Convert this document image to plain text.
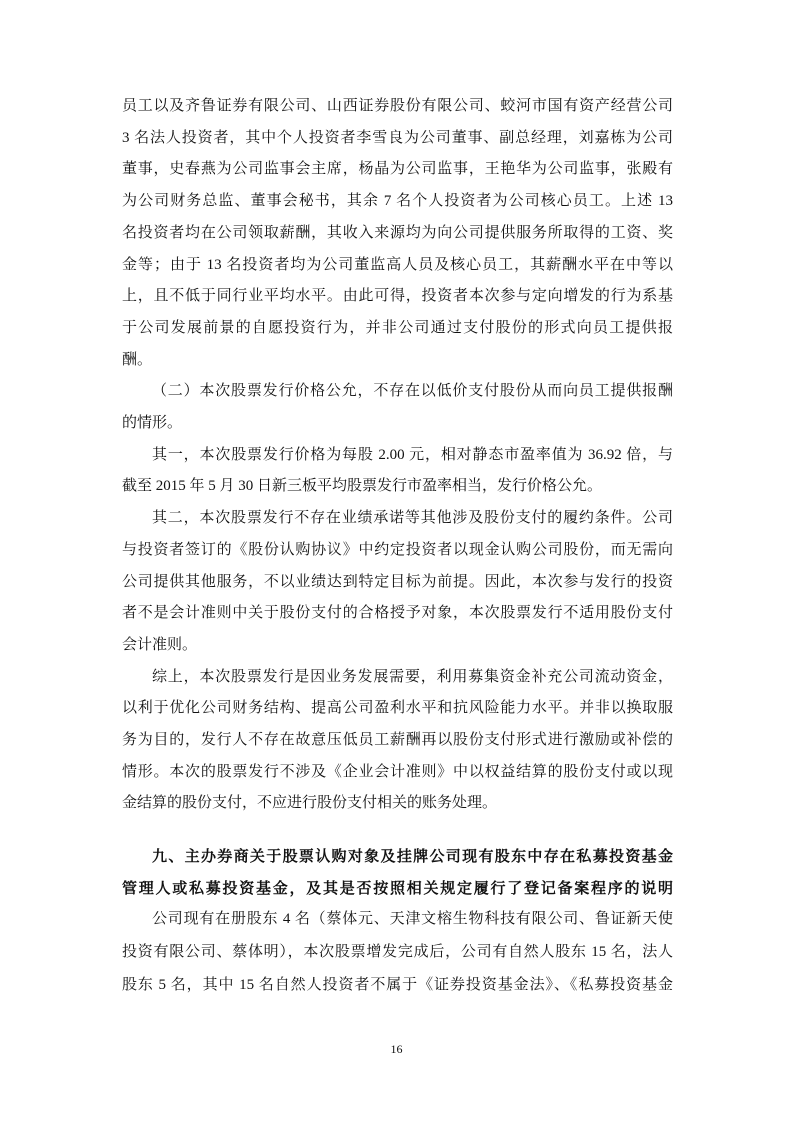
员工以及齐鲁证券有限公司、山西证券股份有限公司、蛟河市国有资产经营公司
3 名法人投资者，其中个人投资者李雪良为公司董事、副总经理，刘嘉栋为公司
董事，史春燕为公司监事会主席，杨晶为公司监事，王艳华为公司监事，张殿有
为公司财务总监、董事会秘书，其余 7 名个人投资者为公司核心员工。上述 13
名投资者均在公司领取薪酬，其收入来源均为向公司提供服务所取得的工资、奖
金等；由于 13 名投资者均为公司董监高人员及核心员工，其薪酬水平在中等以
上，且不低于同行业平均水平。由此可得，投资者本次参与定向增发的行为系基
于公司发展前景的自愿投资行为，并非公司通过支付股份的形式向员工提供报
酬。
（二）本次股票发行价格公允，不存在以低价支付股份从而向员工提供报酬
的情形。
其一，本次股票发行价格为每股 2.00 元，相对静态市盈率值为 36.92 倍，与
截至 2015 年 5 月 30 日新三板平均股票发行市盈率相当，发行价格公允。
其二，本次股票发行不存在业绩承诺等其他涉及股份支付的履约条件。公司
与投资者签订的《股份认购协议》中约定投资者以现金认购公司股份，而无需向
公司提供其他服务，不以业绩达到特定目标为前提。因此，本次参与发行的投资
者不是会计准则中关于股份支付的合格授予对象，本次股票发行不适用股份支付
会计准则。
综上，本次股票发行是因业务发展需要，利用募集资金补充公司流动资金，
以利于优化公司财务结构、提高公司盈利水平和抗风险能力水平。并非以换取服
务为目的，发行人不存在故意压低员工薪酬再以股份支付形式进行激励或补偿的
情形。本次的股票发行不涉及《企业会计准则》中以权益结算的股份支付或以现
金结算的股份支付，不应进行股份支付相关的账务处理。
九、主办券商关于股票认购对象及挂牌公司现有股东中存在私募投资基金
管理人或私募投资基金，及其是否按照相关规定履行了登记备案程序的说明
公司现有在册股东 4 名（蔡体元、天津文榕生物科技有限公司、鲁证新天使
投资有限公司、蔡体明），本次股票增发完成后，公司有自然人股东 15 名，法人
股东 5 名，其中 15 名自然人投资者不属于《证券投资基金法》、《私募投资基金
16
